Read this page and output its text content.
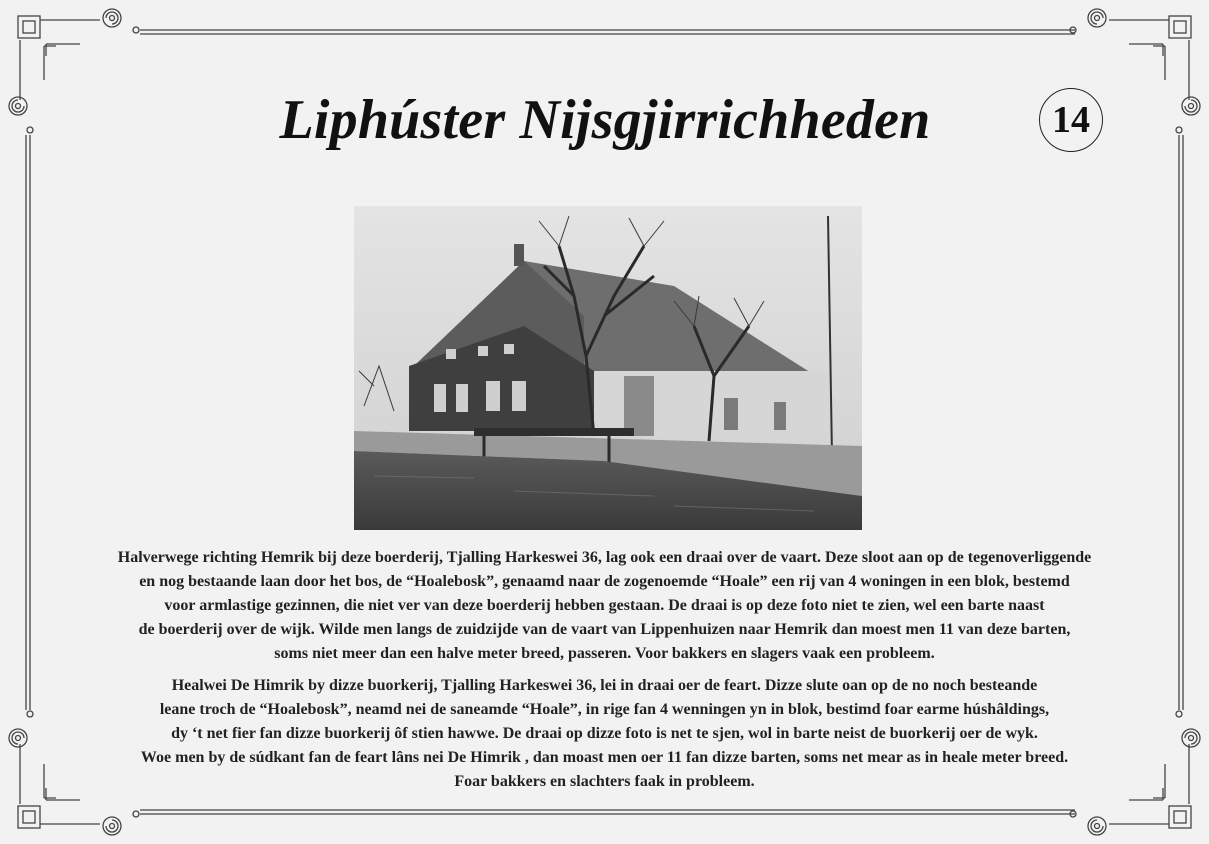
Liphúster Nijsgjirrichheden	14
Halverwege richting Hemrik bij deze boerderij, Tjalling Harkesweі 36, lag ook een draai over de vaart. Deze sloot aan op de tegenoverliggende
en nog bestaande laan door het bos, de “Hoalebosk”, genaamd naar de zogenoemde “Hoale” een rij van 4 woningen in een blok, bestemd
voor armlastige gezinnen, die niet ver van deze boerderij hebben gestaan. De draai is op deze foto niet te zien, wel een barte naast
de boerderij over de wijk. Wilde men langs de zuidzijde van de vaart van Lippenhuizen naar Hemrik dan moest men 11 van deze barten,
soms niet meer dan een halve meter breed, passeren. Voor bakkers en slagers vaak een probleem.
Healwei De Himrik by dizze buorkerij, Tjalling Harkesweі 36, lei in draai oer de feart. Dizze slute oan op de no noch besteande
leane troch de “Hoalebosk”, neamd nei de saneamde “Hoale”, in rige fan 4 wenningen yn in blok, bestimd foar earme húshâldings,
dy ‘t net fier fan dizze buorkerij ôf stien hawwe. De draai op dizze foto is net te sjen, wol in barte neist de buorkerij oer de wyk.
Woe men by de súdkant fan de feart lâns nei De Himrik , dan moast men oer 11 fan dizze barten, soms net mear as in heale meter breed.
Foar bakkers en slachters faak in probleem.
